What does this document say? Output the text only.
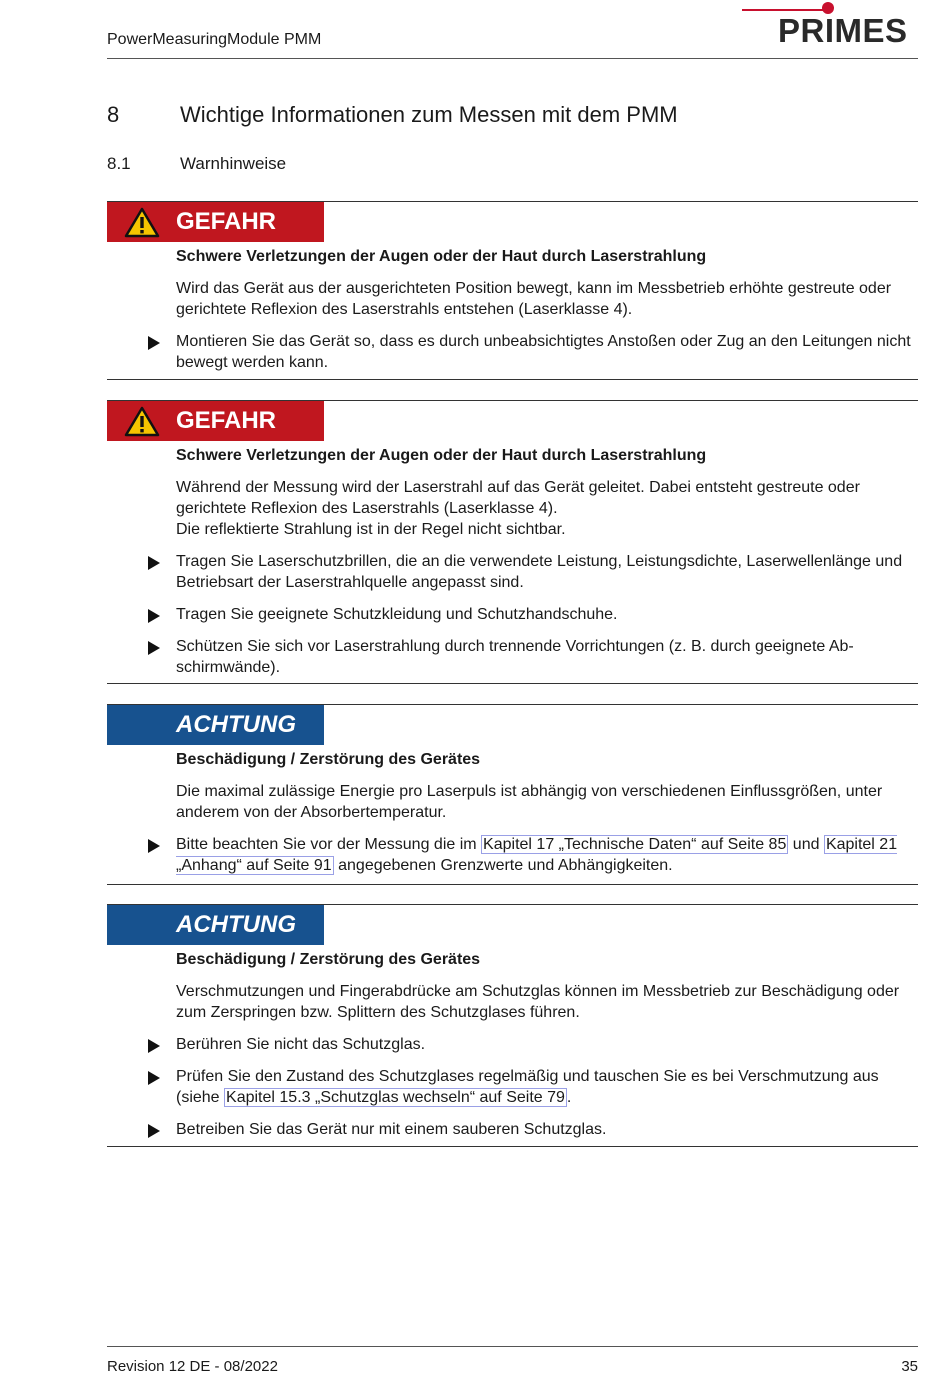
PowerMeasuringModule PMM	PRIMES
8	Wichtige Informationen zum Messen mit dem PMM
8.1	Warnhinweise
GEFAHR
Schwere Verletzungen der Augen oder der Haut durch Laserstrahlung
Wird das Gerät aus der ausgerichteten Position bewegt, kann im Messbetrieb erhöhte gestreute oder gerichtete Reflexion des Laserstrahls entstehen (Laserklasse 4).
Montieren Sie das Gerät so, dass es durch unbeabsichtigtes Anstoßen oder Zug an den Leitungen nicht bewegt werden kann.
GEFAHR
Schwere Verletzungen der Augen oder der Haut durch Laserstrahlung
Während der Messung wird der Laserstrahl auf das Gerät geleitet. Dabei entsteht gestreute oder gerichtete Reflexion des Laserstrahls (Laserklasse 4).
Die reflektierte Strahlung ist in der Regel nicht sichtbar.
Tragen Sie Laserschutzbrillen, die an die verwendete Leistung, Leistungsdichte, Laserwellenlänge und Betriebsart der Laserstrahlquelle angepasst sind.
Tragen Sie geeignete Schutzkleidung und Schutzhandschuhe.
Schützen Sie sich vor Laserstrahlung durch trennende Vorrichtungen (z. B. durch geeignete Ab-schirmwände).
ACHTUNG
Beschädigung / Zerstörung des Gerätes
Die maximal zulässige Energie pro Laserpuls ist abhängig von verschiedenen Einflussgrößen, unter anderem von der Absorbertemperatur.
Bitte beachten Sie vor der Messung die im Kapitel 17 „Technische Daten“ auf Seite 85 und Kapitel 21 „Anhang“ auf Seite 91 angegebenen Grenzwerte und Abhängigkeiten.
ACHTUNG
Beschädigung / Zerstörung des Gerätes
Verschmutzungen und Fingerabdrücke am Schutzglas können im Messbetrieb zur Beschädigung oder zum Zerspringen bzw. Splittern des Schutzglases führen.
Berühren Sie nicht das Schutzglas.
Prüfen Sie den Zustand des Schutzglases regelmäßig und tauschen Sie es bei Verschmutzung aus (siehe Kapitel 15.3 „Schutzglas wechseln“ auf Seite 79 .
Betreiben Sie das Gerät nur mit einem sauberen Schutzglas.
Revision 12 DE - 08/2022	35
